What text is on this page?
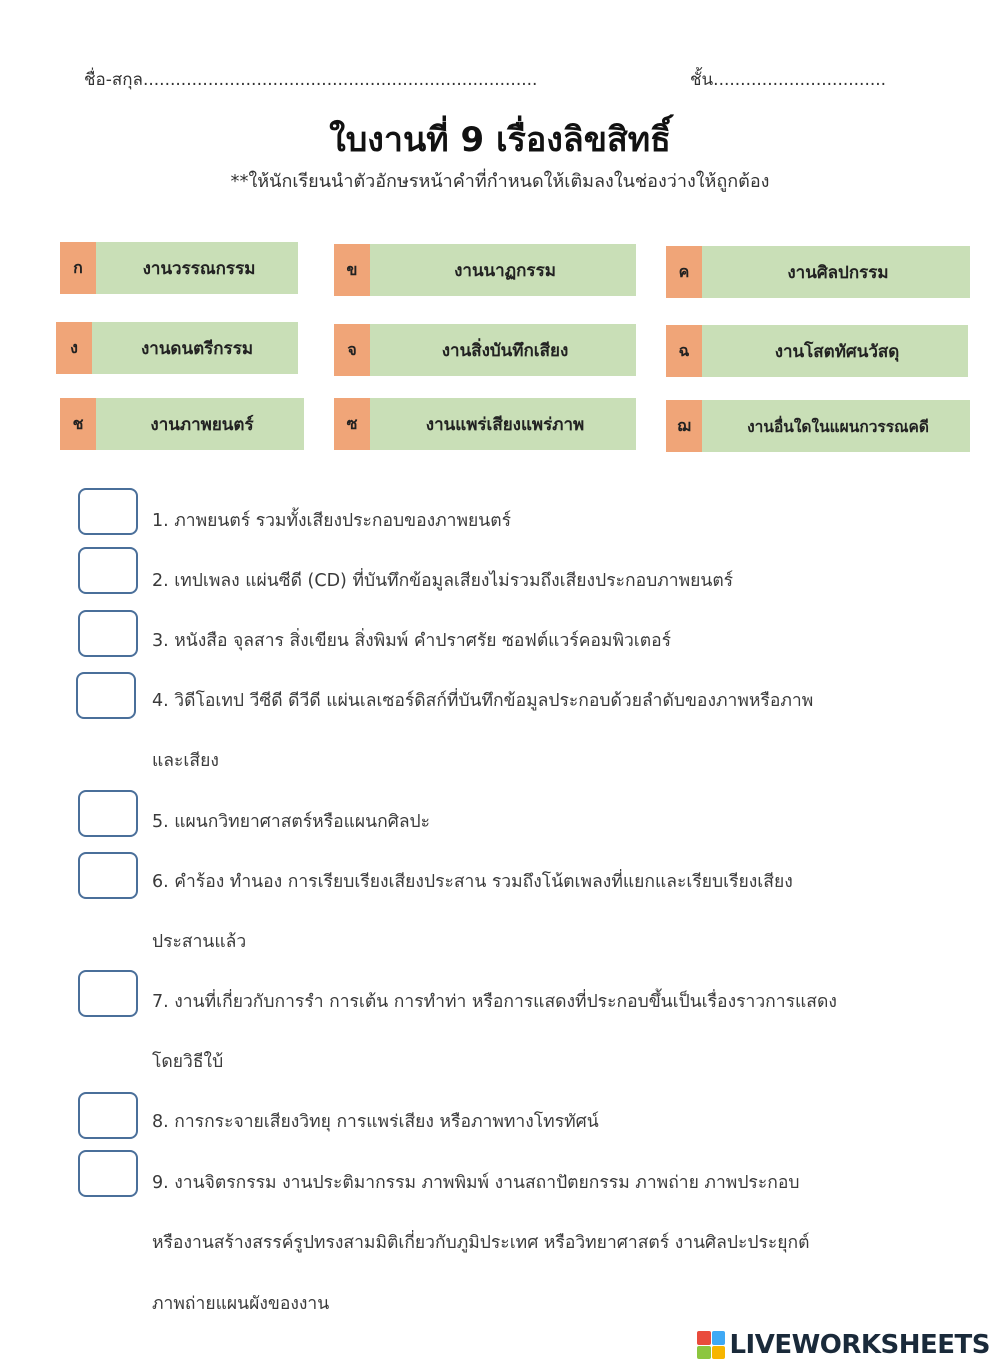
ชื่อ-สกุล.........................................................................	ชั้น................................
ใบงานที่ 9 เรื่องลิขสิทธิ์
**ให้นักเรียนนำตัวอักษรหน้าคำที่กำหนดให้เติมลงในช่องว่างให้ถูกต้อง
ก	งานวรรณกรรม	ข	งานนาฏกรรม	ค	งานศิลปกรรม
ง	งานดนตรีกรรม	จ	งานสิ่งบันทึกเสียง	ฉ	งานโสตทัศนวัสดุ
ช	งานภาพยนตร์	ซ	งานแพร่เสียงแพร่ภาพ	ฌ	งานอื่นใดในแผนกวรรณคดี
1. ภาพยนตร์ รวมทั้งเสียงประกอบของภาพยนตร์
2. เทปเพลง แผ่นซีดี (CD) ที่บันทึกข้อมูลเสียงไม่รวมถึงเสียงประกอบภาพยนตร์
3. หนังสือ จุลสาร สิ่งเขียน สิ่งพิมพ์ คำปราศรัย ซอฟต์แวร์คอมพิวเตอร์
4. วิดีโอเทป วีซีดี ดีวีดี แผ่นเลเซอร์ดิสก์ที่บันทึกข้อมูลประกอบด้วยลำดับของภาพหรือภาพ
และเสียง
5. แผนกวิทยาศาสตร์หรือแผนกศิลปะ
6. คำร้อง ทำนอง การเรียบเรียงเสียงประสาน รวมถึงโน้ตเพลงที่แยกและเรียบเรียงเสียง
ประสานแล้ว
7. งานที่เกี่ยวกับการรำ การเต้น การทำท่า หรือการแสดงที่ประกอบขึ้นเป็นเรื่องราวการแสดง
โดยวิธีใบ้
8. การกระจายเสียงวิทยุ การแพร่เสียง หรือภาพทางโทรทัศน์
9. งานจิตรกรรม งานประติมากรรม ภาพพิมพ์ งานสถาปัตยกรรม ภาพถ่าย ภาพประกอบ
หรืองานสร้างสรรค์รูปทรงสามมิติเกี่ยวกับภูมิประเทศ หรือวิทยาศาสตร์ งานศิลปะประยุกต์
ภาพถ่ายแผนผังของงาน
LIVEWORKSHEETS
